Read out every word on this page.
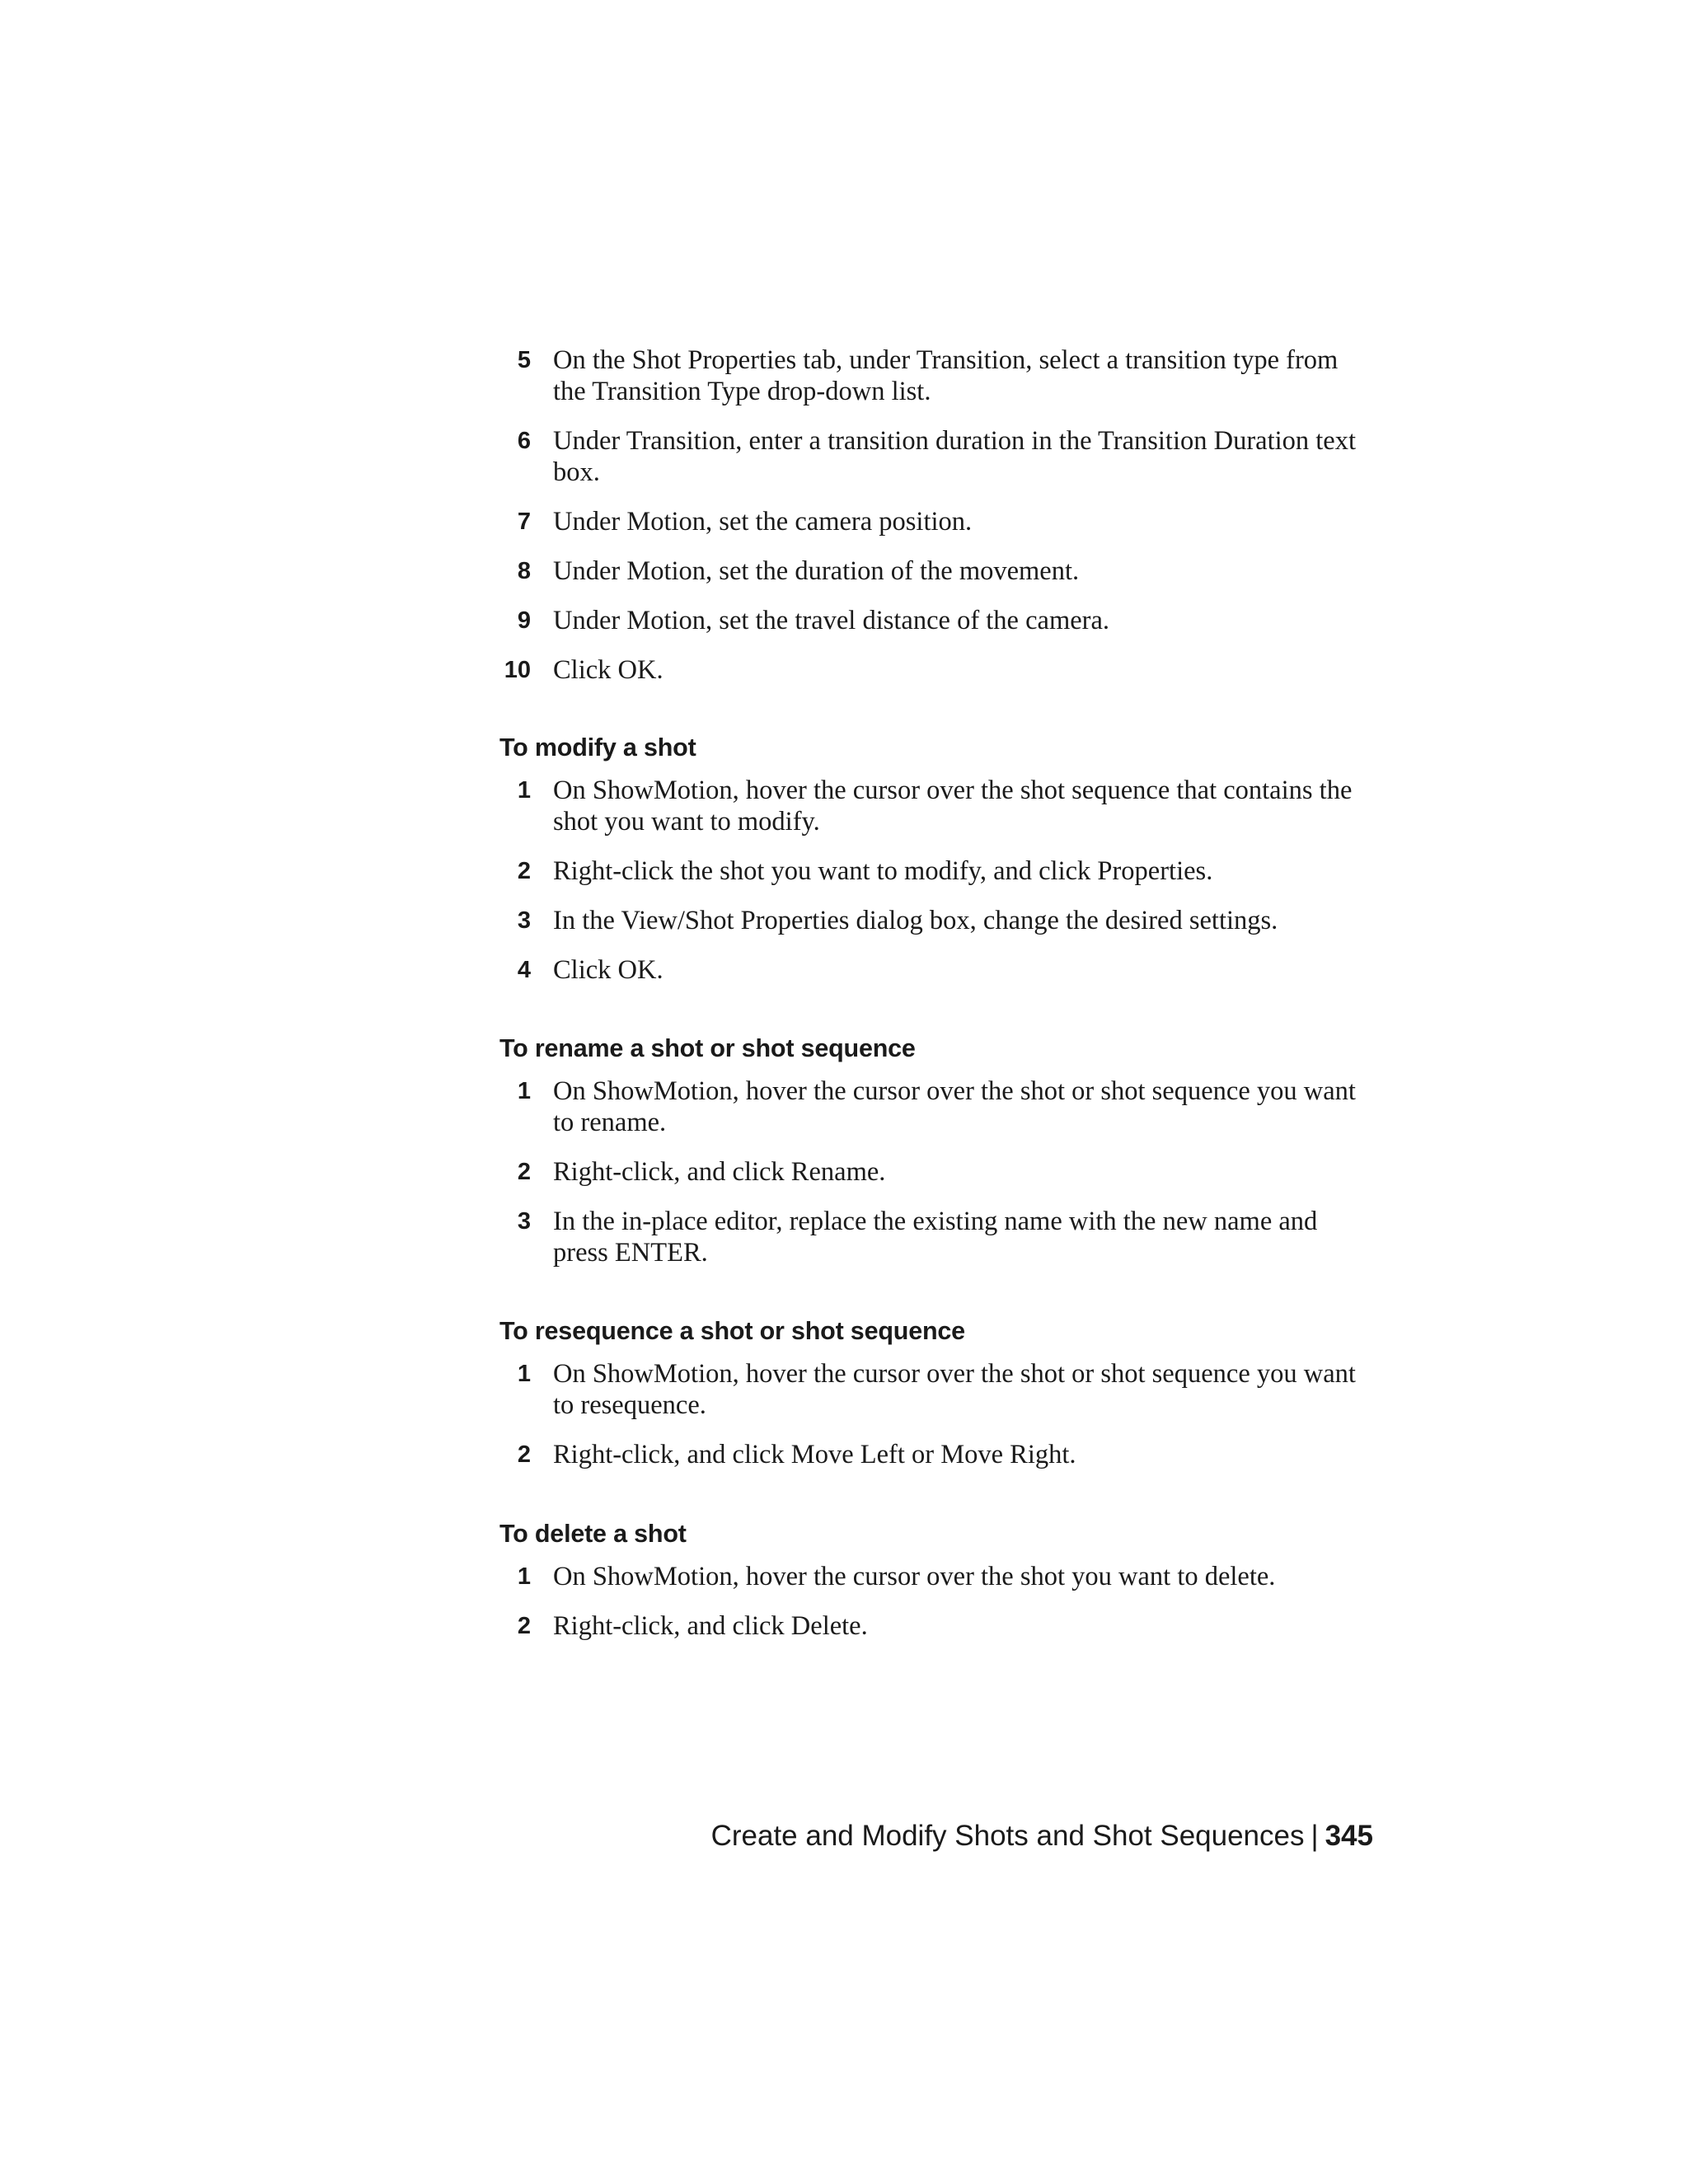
5 On the Shot Properties tab, under Transition, select a transition type from the Transition Type drop-down list.
6 Under Transition, enter a transition duration in the Transition Duration text box.
7 Under Motion, set the camera position.
8 Under Motion, set the duration of the movement.
9 Under Motion, set the travel distance of the camera.
10 Click OK.
To modify a shot
1 On ShowMotion, hover the cursor over the shot sequence that contains the shot you want to modify.
2 Right-click the shot you want to modify, and click Properties.
3 In the View/Shot Properties dialog box, change the desired settings.
4 Click OK.
To rename a shot or shot sequence
1 On ShowMotion, hover the cursor over the shot or shot sequence you want to rename.
2 Right-click, and click Rename.
3 In the in-place editor, replace the existing name with the new name and press ENTER.
To resequence a shot or shot sequence
1 On ShowMotion, hover the cursor over the shot or shot sequence you want to resequence.
2 Right-click, and click Move Left or Move Right.
To delete a shot
1 On ShowMotion, hover the cursor over the shot you want to delete.
2 Right-click, and click Delete.
Create and Modify Shots and Shot Sequences | 345
